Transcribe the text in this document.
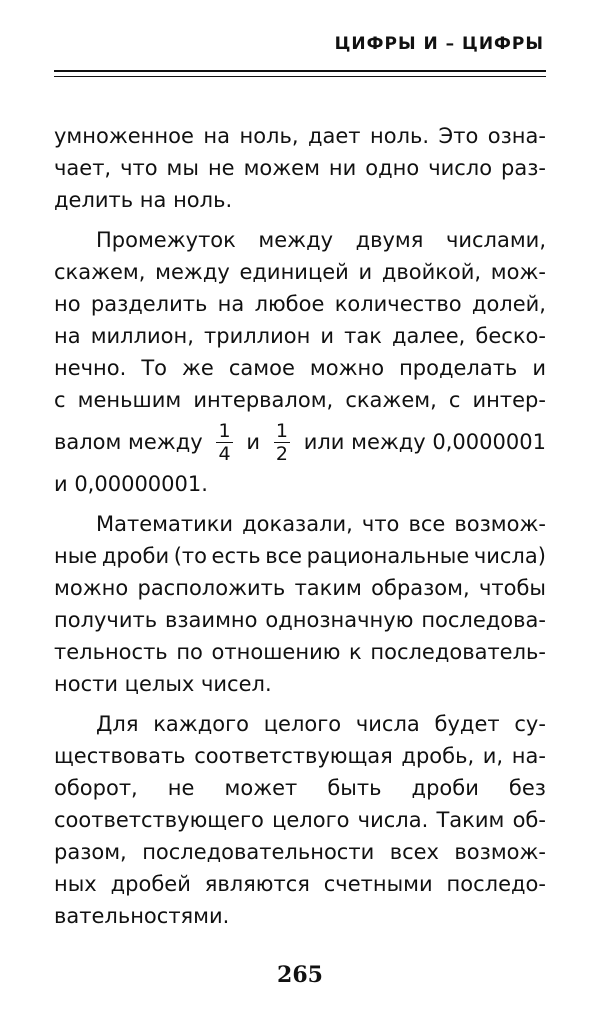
ЦИФРЫ И – ЦИФРЫ
умноженное на ноль, дает ноль. Это озна-
чает, что мы не можем ни одно число раз-
делить на ноль.
Промежуток между двумя числами,
скажем, между единицей и двойкой, мож-
но разделить на любое количество долей,
на миллион, триллион и так далее, беско-
нечно. То же самое можно проделать и
с меньшим интервалом, скажем, с интер-
валом между $\frac{1}{4}$ и $\frac{1}{2}$ или между 0,0000001
и 0,00000001.
Математики доказали, что все возмож-
ные дроби (то есть все рациональные числа)
можно расположить таким образом, чтобы
получить взаимно однозначную последова-
тельность по отношению к последователь-
ности целых чисел.
Для каждого целого числа будет су-
ществовать соответствующая дробь, и, на-
оборот, не может быть дроби без
соответствующего целого числа. Таким об-
разом, последовательности всех возмож-
ных дробей являются счетными последо-
вательностями.
265
